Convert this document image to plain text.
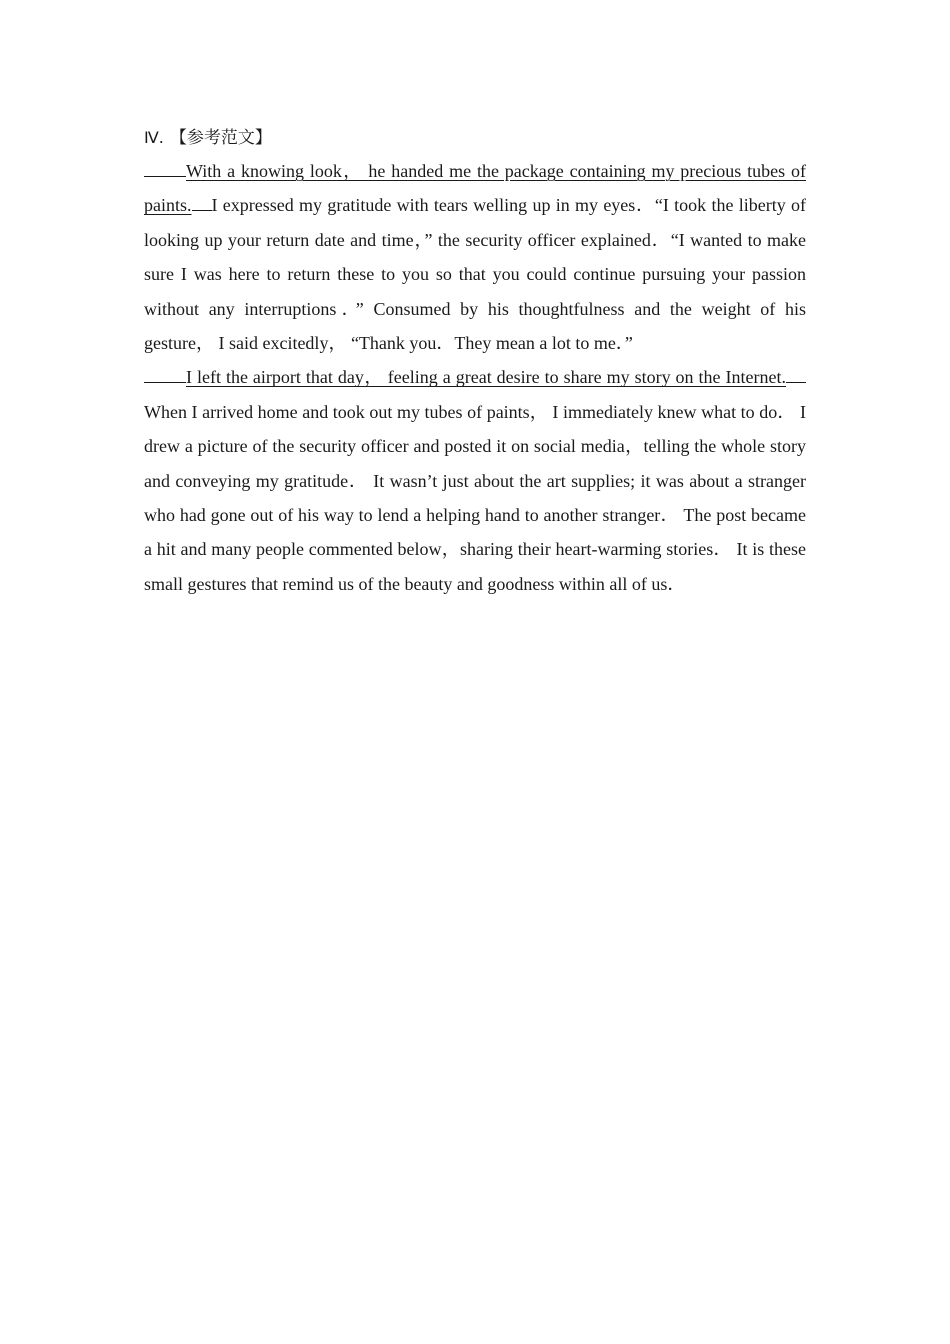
Ⅳ. 【参考范文】

With a knowing look， he handed me the package containing my precious tubes of paints. I expressed my gratitude with tears welling up in my eyes．“I took the liberty of looking up your return date and time，” the security officer explained．“I wanted to make sure I was here to return these to you so that you could continue pursuing your passion without any interruptions．” Consumed by his thoughtfulness and the weight of his gesture， I said excitedly， “Thank you．They mean a lot to me．”

I left the airport that day， feeling a great desire to share my story on the Internet.When I arrived home and took out my tubes of paints， I immediately knew what to do． I drew a picture of the security officer and posted it on social media，telling the whole story and conveying my gratitude． It wasn’t just about the art supplies; it was about a stranger who had gone out of his way to lend a helping hand to another stranger． The post became a hit and many people commented below，sharing their heart-warming stories． It is these small gestures that remind us of the beauty and goodness within all of us．
